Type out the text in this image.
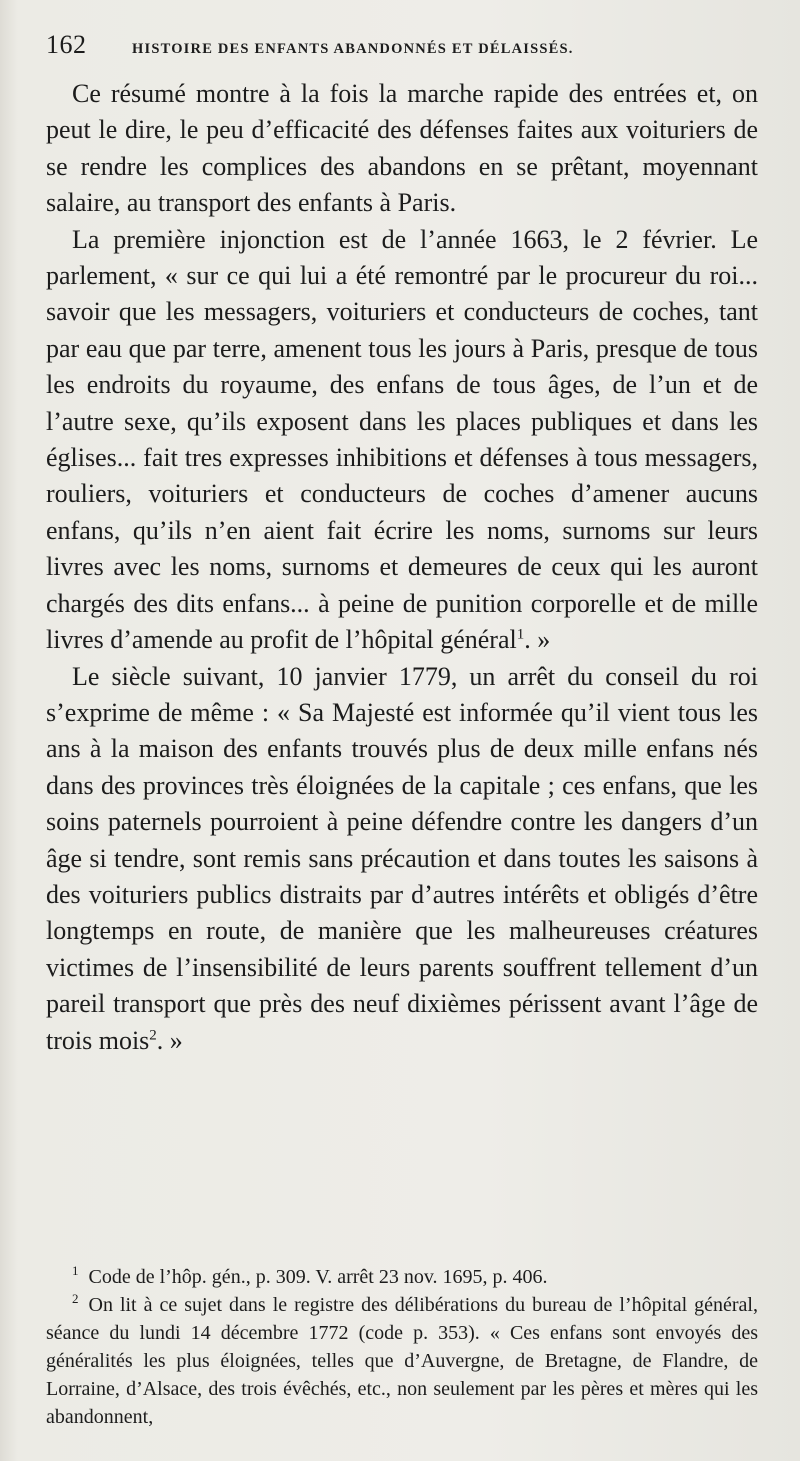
162	HISTOIRE DES ENFANTS ABANDONNÉS ET DÉLAISSÉS.

Ce résumé montre à la fois la marche rapide des entrées et, on peut le dire, le peu d’efficacité des défenses faites aux voituriers de se rendre les complices des abandons en se prêtant, moyennant salaire, au transport des enfants à Paris.

La première injonction est de l’année 1663, le 2 février. Le parlement, « sur ce qui lui a été remontré par le procureur du roi... savoir que les messagers, voituriers et conducteurs de coches, tant par eau que par terre, amenent tous les jours à Paris, presque de tous les endroits du royaume, des enfans de tous âges, de l’un et de l’autre sexe, qu’ils exposent dans les places publiques et dans les églises... fait tres expresses inhibitions et défenses à tous messagers, rouliers, voituriers et conducteurs de coches d’amener aucuns enfans, qu’ils n’en aient fait écrire les noms, surnoms sur leurs livres avec les noms, surnoms et demeures de ceux qui les auront chargés des dits enfans... à peine de punition corporelle et de mille livres d’amende au profit de l’hôpital général$^1$. »

Le siècle suivant, 10 janvier 1779, un arrêt du conseil du roi s’exprime de même : « Sa Majesté est informée qu’il vient tous les ans à la maison des enfants trouvés plus de deux mille enfans nés dans des provinces très éloignées de la capitale ; ces enfans, que les soins paternels pourroient à peine défendre contre les dangers d’un âge si tendre, sont remis sans précaution et dans toutes les saisons à des voituriers publics distraits par d’autres intérêts et obligés d’être longtemps en route, de manière que les malheureuses créatures victimes de l’insensibilité de leurs parents souffrent tellement d’un pareil transport que près des neuf dixièmes périssent avant l’âge de trois mois$^2$. »

$^1$ Code de l’hôp. gén., p. 309. V. arrêt 23 nov. 1695, p. 406.

$^2$ On lit à ce sujet dans le registre des délibérations du bureau de l’hôpital général, séance du lundi 14 décembre 1772 (code p. 353). « Ces enfans sont envoyés des généralités les plus éloignées, telles que d’Auvergne, de Bretagne, de Flandre, de Lorraine, d’Alsace, des trois évêchés, etc., non seulement par les pères et mères qui les abandonnent,
